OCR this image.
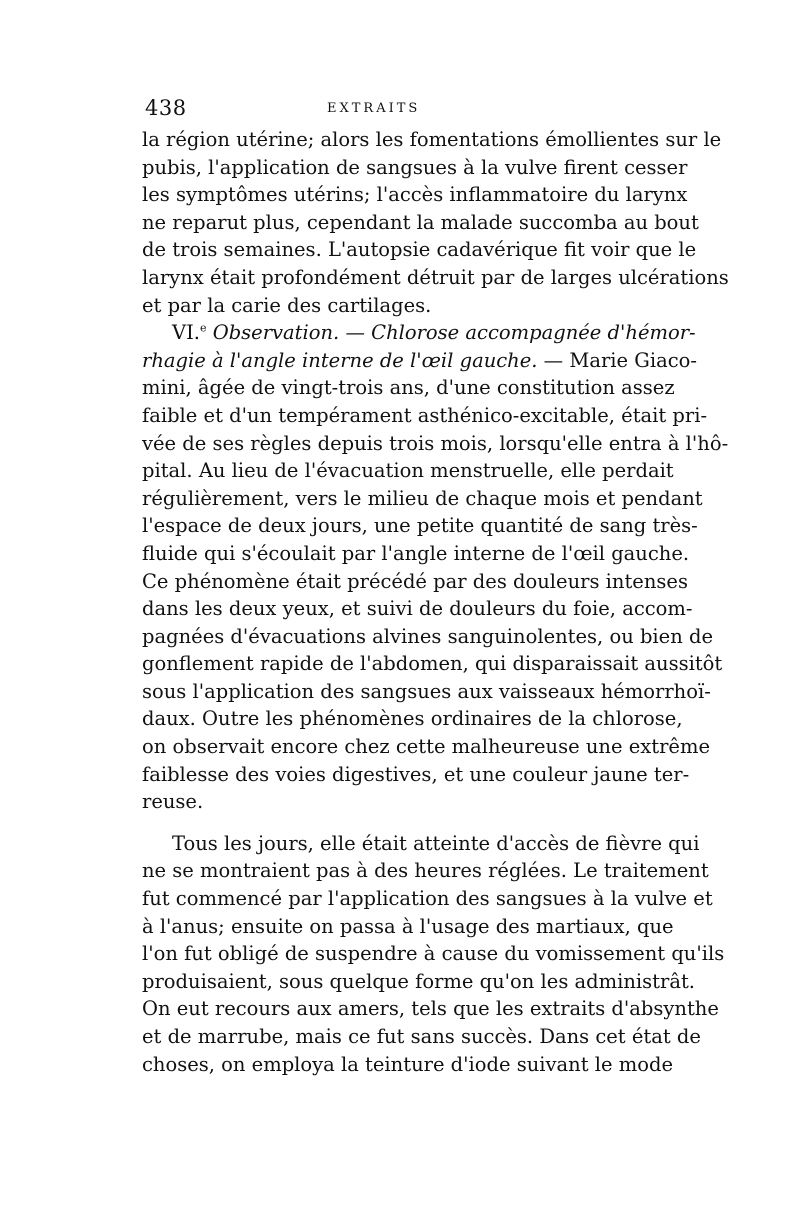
438	EXTRAITS
la région utérine; alors les fomentations émollientes sur le
pubis, l'application de sangsues à la vulve firent cesser
les symptômes utérins; l'accès inflammatoire du larynx
ne reparut plus, cependant la malade succomba au bout
de trois semaines. L'autopsie cadavérique fit voir que le
larynx était profondément détruit par de larges ulcérations
et par la carie des cartilages.
VI.$^e$ Observation. — Chlorose accompagnée d'hémor-
rhagie à l'angle interne de l'œil gauche. — Marie Giaco-
mini, âgée de vingt-trois ans, d'une constitution assez
faible et d'un tempérament asthénico-excitable, était pri-
vée de ses règles depuis trois mois, lorsqu'elle entra à l'hô-
pital. Au lieu de l'évacuation menstruelle, elle perdait
régulièrement, vers le milieu de chaque mois et pendant
l'espace de deux jours, une petite quantité de sang très-
fluide qui s'écoulait par l'angle interne de l'œil gauche.
Ce phénomène était précédé par des douleurs intenses
dans les deux yeux, et suivi de douleurs du foie, accom-
pagnées d'évacuations alvines sanguinolentes, ou bien de
gonflement rapide de l'abdomen, qui disparaissait aussitôt
sous l'application des sangsues aux vaisseaux hémorrhoï-
daux. Outre les phénomènes ordinaires de la chlorose,
on observait encore chez cette malheureuse une extrême
faiblesse des voies digestives, et une couleur jaune ter-
reuse.
Tous les jours, elle était atteinte d'accès de fièvre qui
ne se montraient pas à des heures réglées. Le traitement
fut commencé par l'application des sangsues à la vulve et
à l'anus; ensuite on passa à l'usage des martiaux, que
l'on fut obligé de suspendre à cause du vomissement qu'ils
produisaient, sous quelque forme qu'on les administrât.
On eut recours aux amers, tels que les extraits d'absynthe
et de marrube, mais ce fut sans succès. Dans cet état de
choses, on employa la teinture d'iode suivant le mode
